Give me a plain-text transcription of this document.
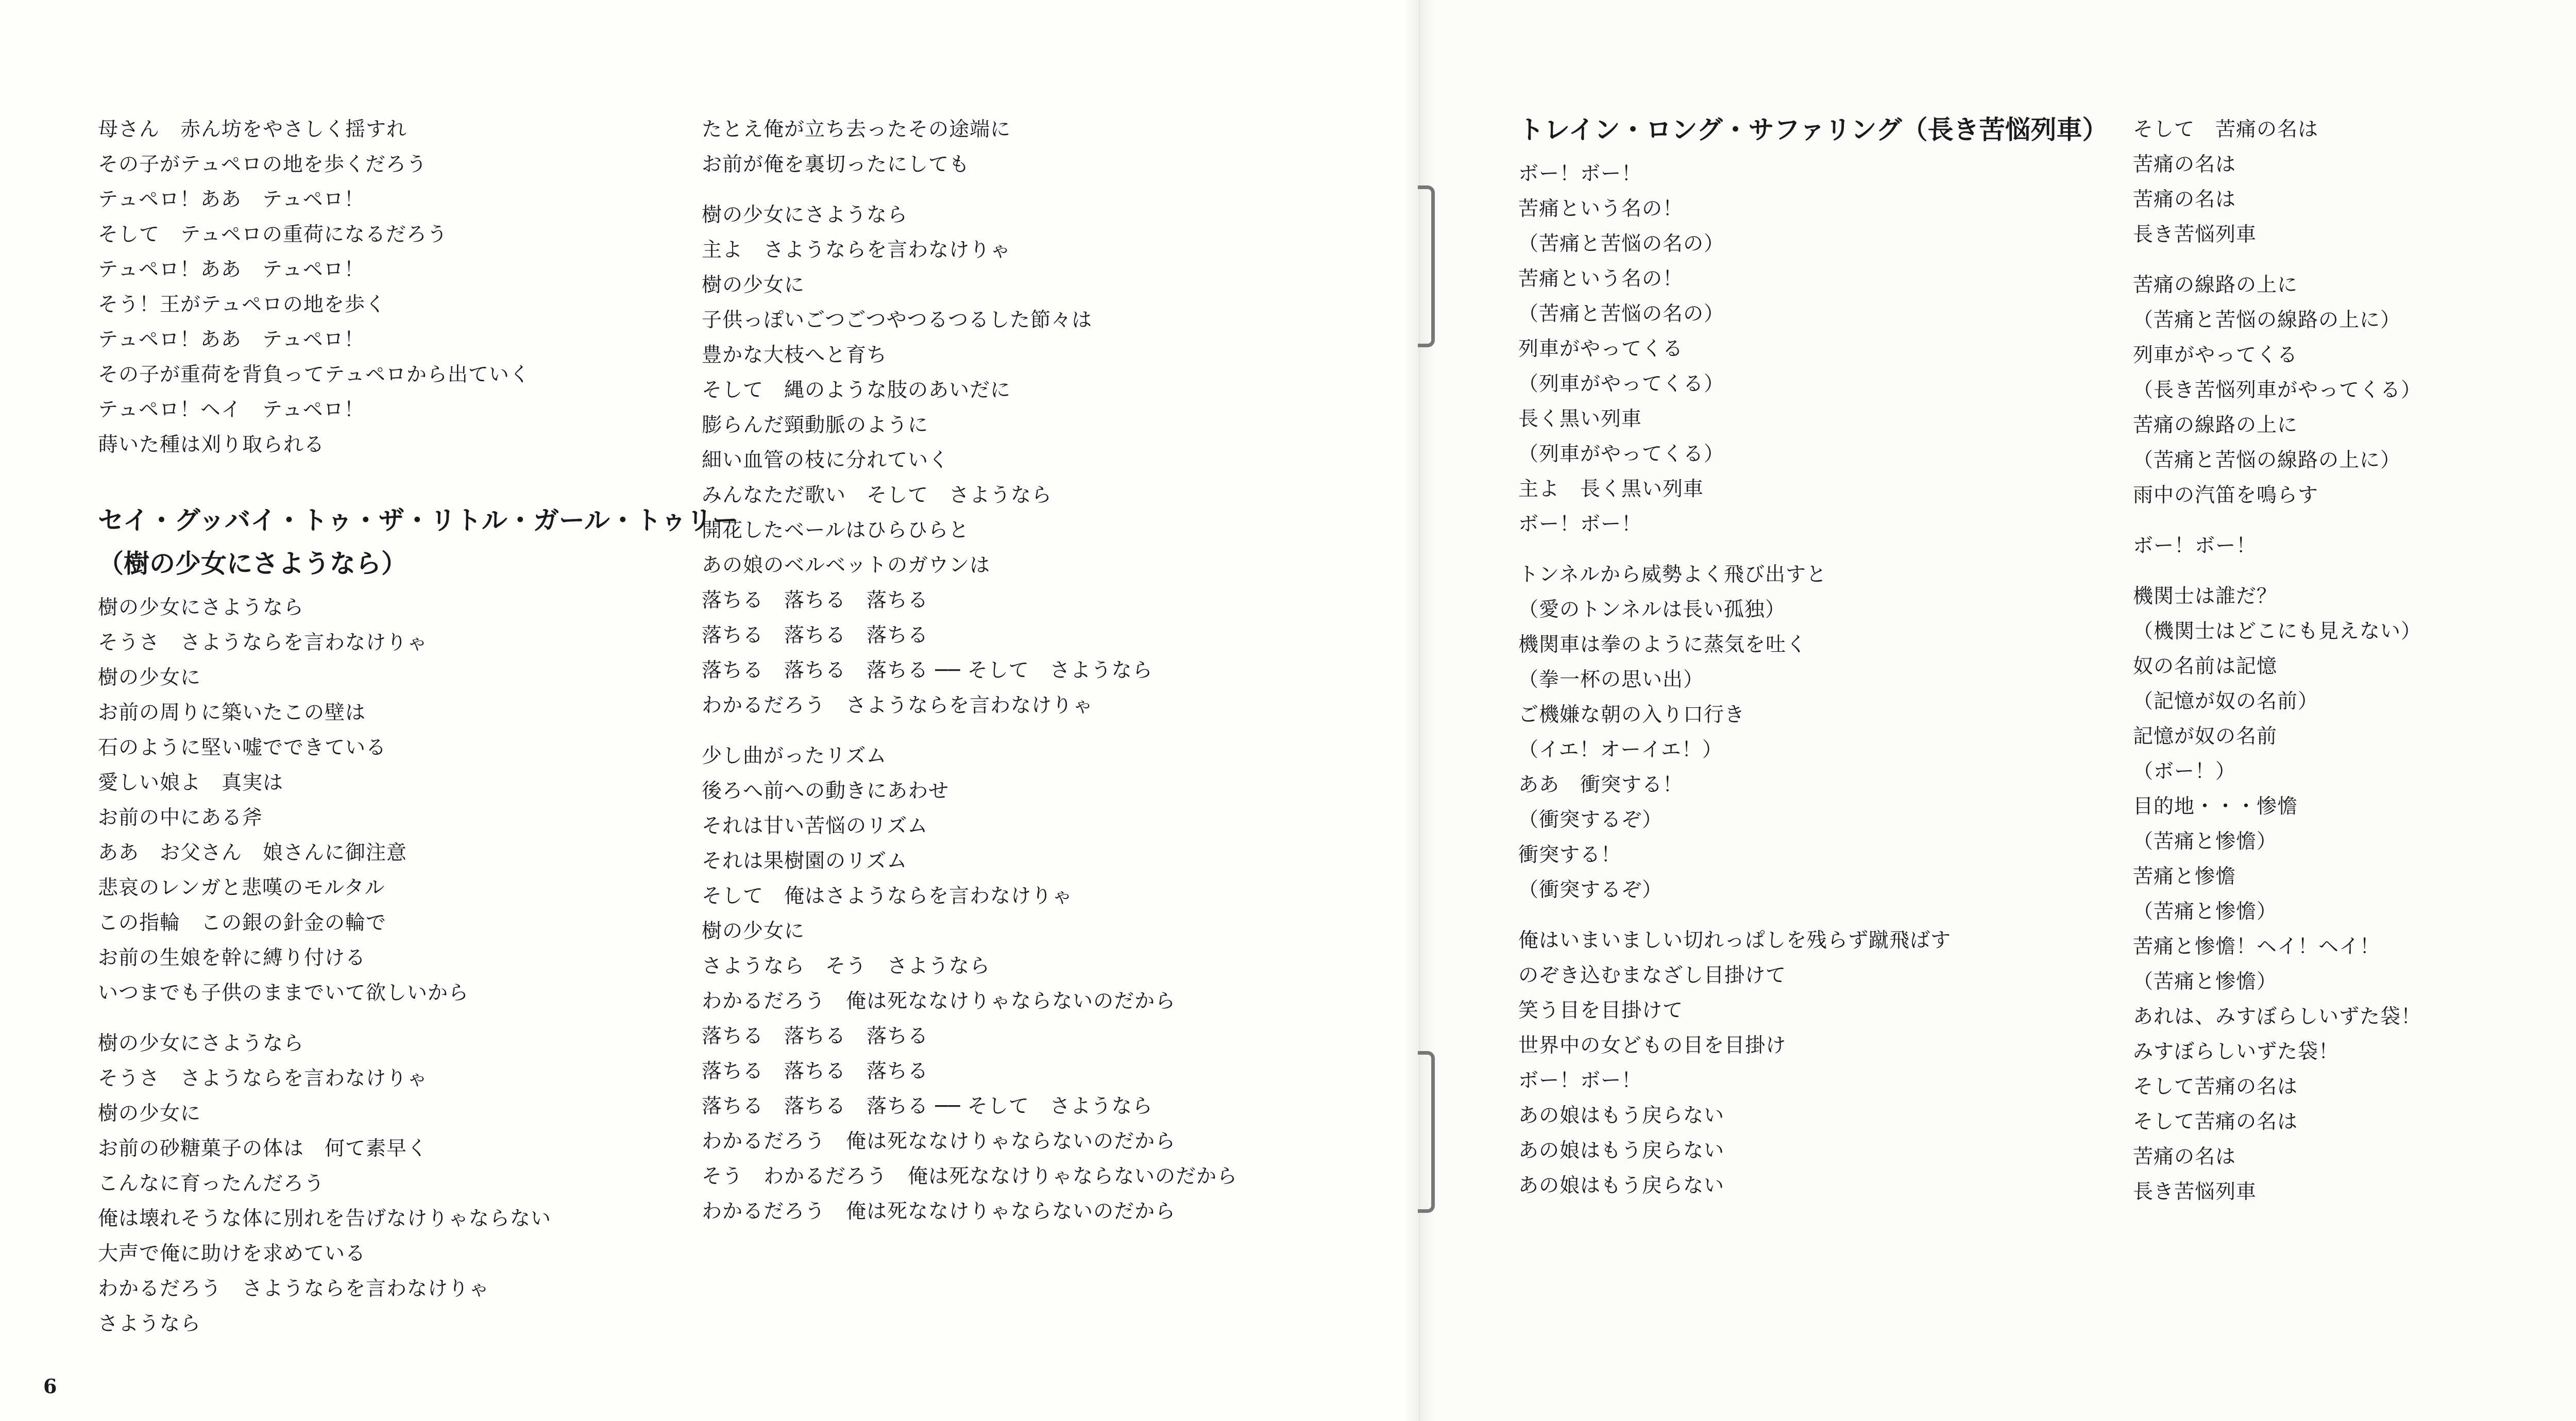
母さん　赤ん坊をやさしく揺すれ
その子がテュペロの地を歩くだろう
テュペロ！ああ　テュペロ！
そして　テュペロの重荷になるだろう
テュペロ！ああ　テュペロ！
そう！王がテュペロの地を歩く
テュペロ！ああ　テュペロ！
その子が重荷を背負ってテュペロから出ていく
テュペロ！ヘイ　テュペロ！
蒔いた種は刈り取られる
セイ・グッバイ・トゥ・ザ・リトル・ガール・トゥリー
（樹の少女にさようなら）
樹の少女にさようなら
そうさ　さようならを言わなけりゃ
樹の少女に
お前の周りに築いたこの壁は
石のように堅い嘘でできている
愛しい娘よ　真実は
お前の中にある斧
ああ　お父さん　娘さんに御注意
悲哀のレンガと悲嘆のモルタル
この指輪　この銀の針金の輪で
お前の生娘を幹に縛り付ける
いつまでも子供のままでいて欲しいから
樹の少女にさようなら
そうさ　さようならを言わなけりゃ
樹の少女に
お前の砂糖菓子の体は　何て素早く
こんなに育ったんだろう
俺は壊れそうな体に別れを告げなけりゃならない
大声で俺に助けを求めている
わかるだろう　さようならを言わなけりゃ
さようなら
たとえ俺が立ち去ったその途端に
お前が俺を裏切ったにしても
樹の少女にさようなら
主よ　さようならを言わなけりゃ
樹の少女に
子供っぽいごつごつやつるつるした節々は
豊かな大枝へと育ち
そして　縄のような肢のあいだに
膨らんだ頸動脈のように
細い血管の枝に分れていく
みんなただ歌い　そして　さようなら
開花したベールはひらひらと
あの娘のベルベットのガウンは
落ちる　落ちる　落ちる
落ちる　落ちる　落ちる
落ちる　落ちる　落ちる ── そして　さようなら
わかるだろう　さようならを言わなけりゃ
少し曲がったリズム
後ろへ前への動きにあわせ
それは甘い苦悩のリズム
それは果樹園のリズム
そして　俺はさようならを言わなけりゃ
樹の少女に
さようなら　そう　さようなら
わかるだろう　俺は死ななけりゃならないのだから
落ちる　落ちる　落ちる
落ちる　落ちる　落ちる
落ちる　落ちる　落ちる ── そして　さようなら
わかるだろう　俺は死ななけりゃならないのだから
そう　わかるだろう　俺は死ななけりゃならないのだから
わかるだろう　俺は死ななけりゃならないのだから
6
トレイン・ロング・サファリング（長き苦悩列車）
ボー！ボー！
苦痛という名の！
（苦痛と苦悩の名の）
苦痛という名の！
（苦痛と苦悩の名の）
列車がやってくる
（列車がやってくる）
長く黒い列車
（列車がやってくる）
主よ　長く黒い列車
ボー！ボー！
トンネルから威勢よく飛び出すと
（愛のトンネルは長い孤独）
機関車は拳のように蒸気を吐く
（拳一杯の思い出）
ご機嫌な朝の入り口行き
（イエ！オーイエ！）
ああ　衝突する！
（衝突するぞ）
衝突する！
（衝突するぞ）
俺はいまいましい切れっぱしを残らず蹴飛ばす
のぞき込むまなざし目掛けて
笑う目を目掛けて
世界中の女どもの目を目掛け
ボー！ボー！
あの娘はもう戻らない
あの娘はもう戻らない
あの娘はもう戻らない
そして　苦痛の名は
苦痛の名は
苦痛の名は
長き苦悩列車
苦痛の線路の上に
（苦痛と苦悩の線路の上に）
列車がやってくる
（長き苦悩列車がやってくる）
苦痛の線路の上に
（苦痛と苦悩の線路の上に）
雨中の汽笛を鳴らす
ボー！ボー！
機関士は誰だ？
（機関士はどこにも見えない）
奴の名前は記憶
（記憶が奴の名前）
記憶が奴の名前
（ボー！）
目的地・・・惨憺
（苦痛と惨憺）
苦痛と惨憺
（苦痛と惨憺）
苦痛と惨憺！ヘイ！ヘイ！
（苦痛と惨憺）
あれは、みすぼらしいずた袋！
みすぼらしいずた袋！
そして苦痛の名は
そして苦痛の名は
苦痛の名は
長き苦悩列車
